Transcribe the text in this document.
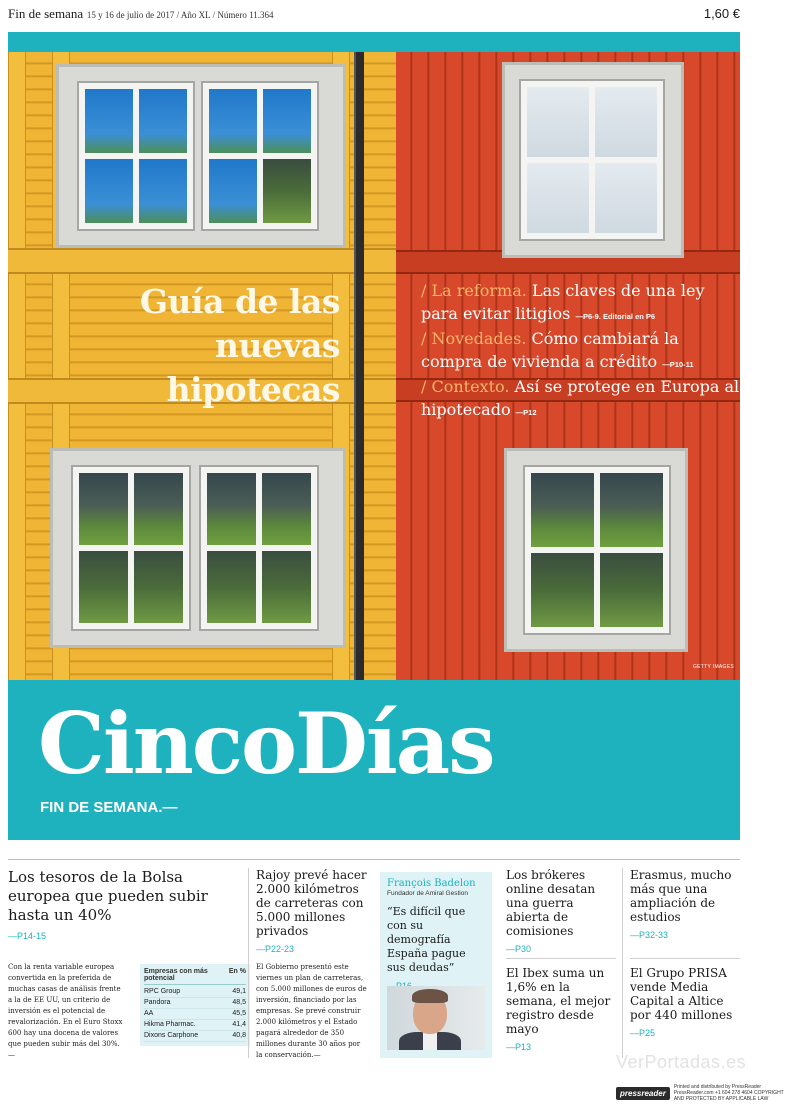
Fin de semana 15 y 16 de julio de 2017 / Año XL / Número 11.364	1,60 €
Guía de las nuevas hipotecas
/ La reforma. Las claves de una ley para evitar litigios —P6-9. Editorial en P6
/ Novedades. Cómo cambiará la compra de vivienda a crédito —P10-11
/ Contexto. Así se protege en Europa al hipotecado —P12
GETTY IMAGES
CincoDías
FIN DE SEMANA.—
Los tesoros de la Bolsa europea que pueden subir hasta un 40%
—P14-15
Con la renta variable europea convertida en la preferida de muchas casas de análisis frente a la de EE UU, un criterio de inversión es el potencial de revalorización. En el Euro Stoxx 600 hay una docena de valores que pueden subir más del 30%.—
Empresas con más potencial
En %
RPC Group	49,1
Pandora	48,5
AA	45,5
Hikma Pharmac.	41,4
Dixons Carphone	40,8
Rajoy prevé hacer 2.000 kilómetros de carreteras con 5.000 millones privados
—P22-23
El Gobierno presentó este viernes un plan de carreteras, con 5.000 millones de euros de inversión, financiado por las empresas. Se prevé construir 2.000 kilómetros y el Estado pagará alrededor de 350 millones durante 30 años por la conservación.—
François Badelon
Fundador de Amiral Gestion
“Es difícil que con su demografía España pague sus deudas”
Los brókeres online desatan una guerra abierta de comisiones
—P30
El Ibex suma un 1,6% en la semana, el mejor registro desde mayo
—P13
Erasmus, mucho más que una ampliación de estudios
—P32-33
El Grupo PRISA vende Media Capital a Altice por 440 millones
—P25
VerPortadas.es
pressreader
Printed and distributed by PressReader PressReader.com +1 604 278 4604 COPYRIGHT AND PROTECTED BY APPLICABLE LAW
